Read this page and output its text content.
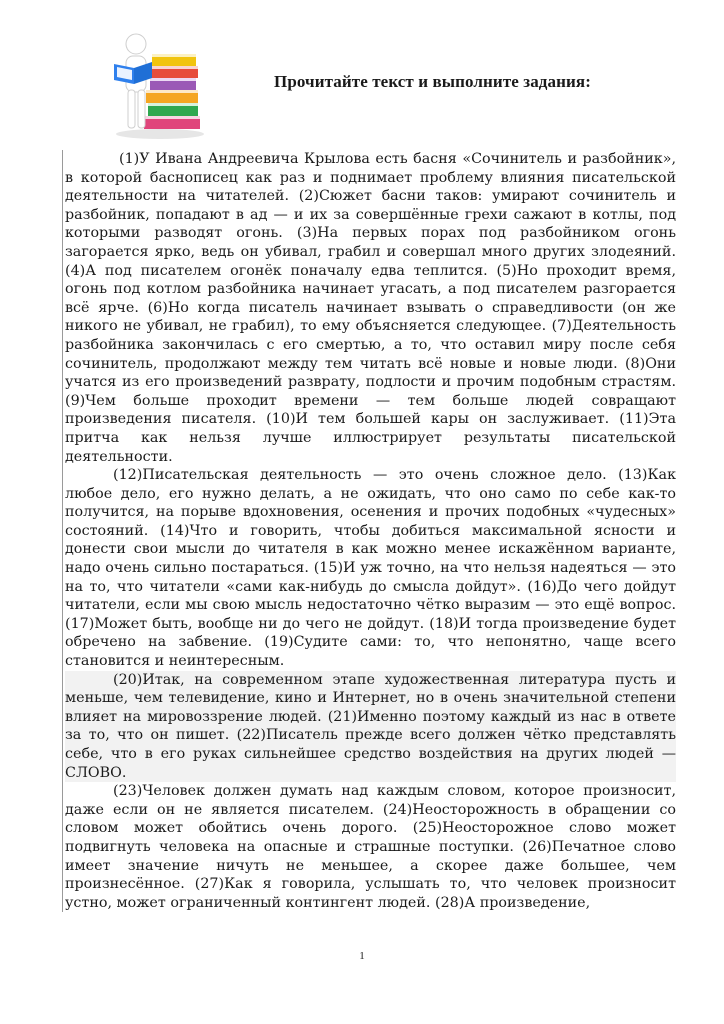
Прочитайте текст и выполните задания:

(1)У Ивана Андреевича Крылова есть басня «Сочинитель и разбойник», в которой баснописец как раз и поднимает проблему влияния писательской деятельности на читателей. (2)Сюжет басни таков: умирают сочинитель и разбойник, попадают в ад — и их за совершённые грехи сажают в котлы, под которыми разводят огонь. (3)На первых порах под разбойником огонь загорается ярко, ведь он убивал, грабил и совершал много других злодеяний. (4)А под писателем огонёк поначалу едва теплится. (5)Но проходит время, огонь под котлом разбойника начинает угасать, а под писателем разгорается всё ярче. (6)Но когда писатель начинает взывать о справедливости (он же никого не убивал, не грабил), то ему объясняется следующее. (7)Деятельность разбойника закончилась с его смертью, а то, что оставил миру после себя сочинитель, продолжают между тем читать всё новые и новые люди. (8)Они учатся из его произведений разврату, подлости и прочим подобным страстям. (9)Чем больше проходит времени — тем больше людей совращают произведения писателя. (10)И тем большей кары он заслуживает. (11)Эта притча как нельзя лучше иллюстрирует результаты писательской деятельности.

(12)Писательская деятельность — это очень сложное дело. (13)Как любое дело, его нужно делать, а не ожидать, что оно само по себе как-то получится, на порыве вдохновения, осенения и прочих подобных «чудесных» состояний. (14)Что и говорить, чтобы добиться максимальной ясности и донести свои мысли до читателя в как можно менее искажённом варианте, надо очень сильно постараться. (15)И уж точно, на что нельзя надеяться — это на то, что читатели «сами как-нибудь до смысла дойдут». (16)До чего дойдут читатели, если мы свою мысль недостаточно чётко выразим — это ещё вопрос. (17)Может быть, вообще ни до чего не дойдут. (18)И тогда произведение будет обречено на забвение. (19)Судите сами: то, что непонятно, чаще всего становится и неинтересным.

(20)Итак, на современном этапе художественная литература пусть и меньше, чем телевидение, кино и Интернет, но в очень значительной степени влияет на мировоззрение людей. (21)Именно поэтому каждый из нас в ответе за то, что он пишет. (22)Писатель прежде всего должен чётко представлять себе, что в его руках сильнейшее средство воздействия на других людей — СЛОВО.

(23)Человек должен думать над каждым словом, которое произносит, даже если он не является писателем. (24)Неосторожность в обращении со словом может обойтись очень дорого. (25)Неосторожное слово может подвигнуть человека на опасные и страшные поступки. (26)Печатное слово имеет значение ничуть не меньшее, а скорее даже большее, чем произнесённое. (27)Как я говорила, услышать то, что человек произносит устно, может ограниченный контингент людей. (28)А произведение,

1
